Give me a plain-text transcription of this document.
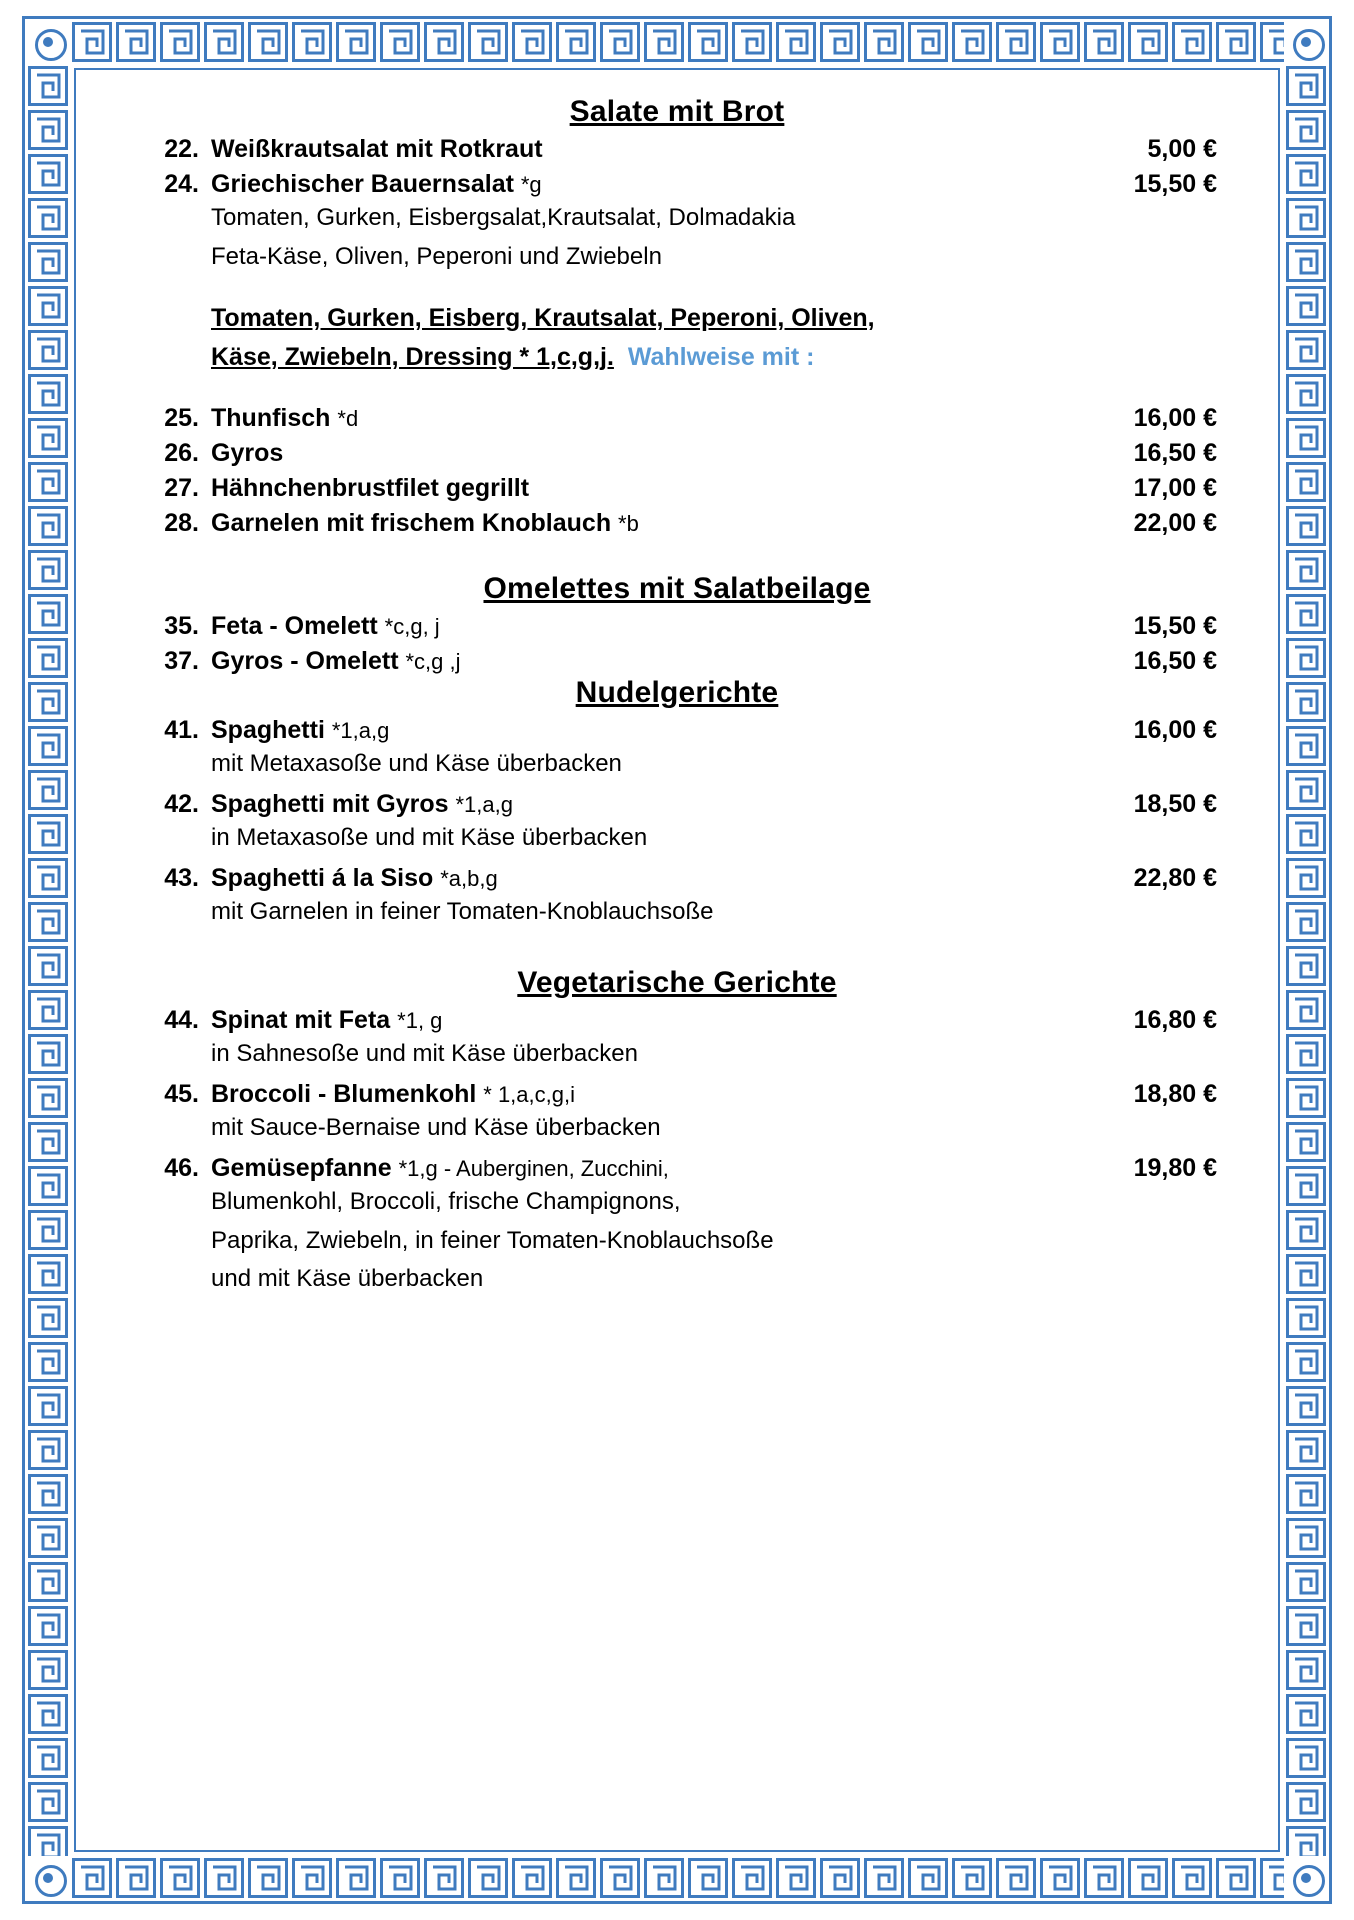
Salate mit Brot
22. Weißkrautsalat mit Rotkraut	5,00 €
24. Griechischer Bauernsalat *g	15,50 €
Tomaten, Gurken, Eisbergsalat,Krautsalat, Dolmadakia
Feta-Käse, Oliven, Peperoni und Zwiebeln
Tomaten, Gurken, Eisberg, Krautsalat, Peperoni, Oliven,
Käse, Zwiebeln, Dressing * 1,c,g,j. Wahlweise mit :
25. Thunfisch *d	16,00 €
26. Gyros	16,50 €
27. Hähnchenbrustfilet gegrillt	17,00 €
28. Garnelen mit frischem Knoblauch *b	22,00 €
Omelettes mit Salatbeilage
35. Feta - Omelett *c,g, j	15,50 €
37. Gyros - Omelett *c,g ,j	16,50 €
Nudelgerichte
41. Spaghetti *1,a,g	16,00 €
mit Metaxasoße und Käse überbacken
42. Spaghetti mit Gyros *1,a,g	18,50 €
in Metaxasoße und mit Käse überbacken
43. Spaghetti á la Siso *a,b,g	22,80 €
mit Garnelen in feiner Tomaten-Knoblauchsoße
Vegetarische Gerichte
44. Spinat mit Feta *1, g	16,80 €
in Sahnesoße und mit Käse überbacken
45. Broccoli - Blumenkohl * 1,a,c,g,i	18,80 €
mit Sauce-Bernaise und Käse überbacken
46. Gemüsepfanne *1,g - Auberginen, Zucchini,	19,80 €
Blumenkohl, Broccoli, frische Champignons,
Paprika, Zwiebeln, in feiner Tomaten-Knoblauchsoße
und mit Käse überbacken
